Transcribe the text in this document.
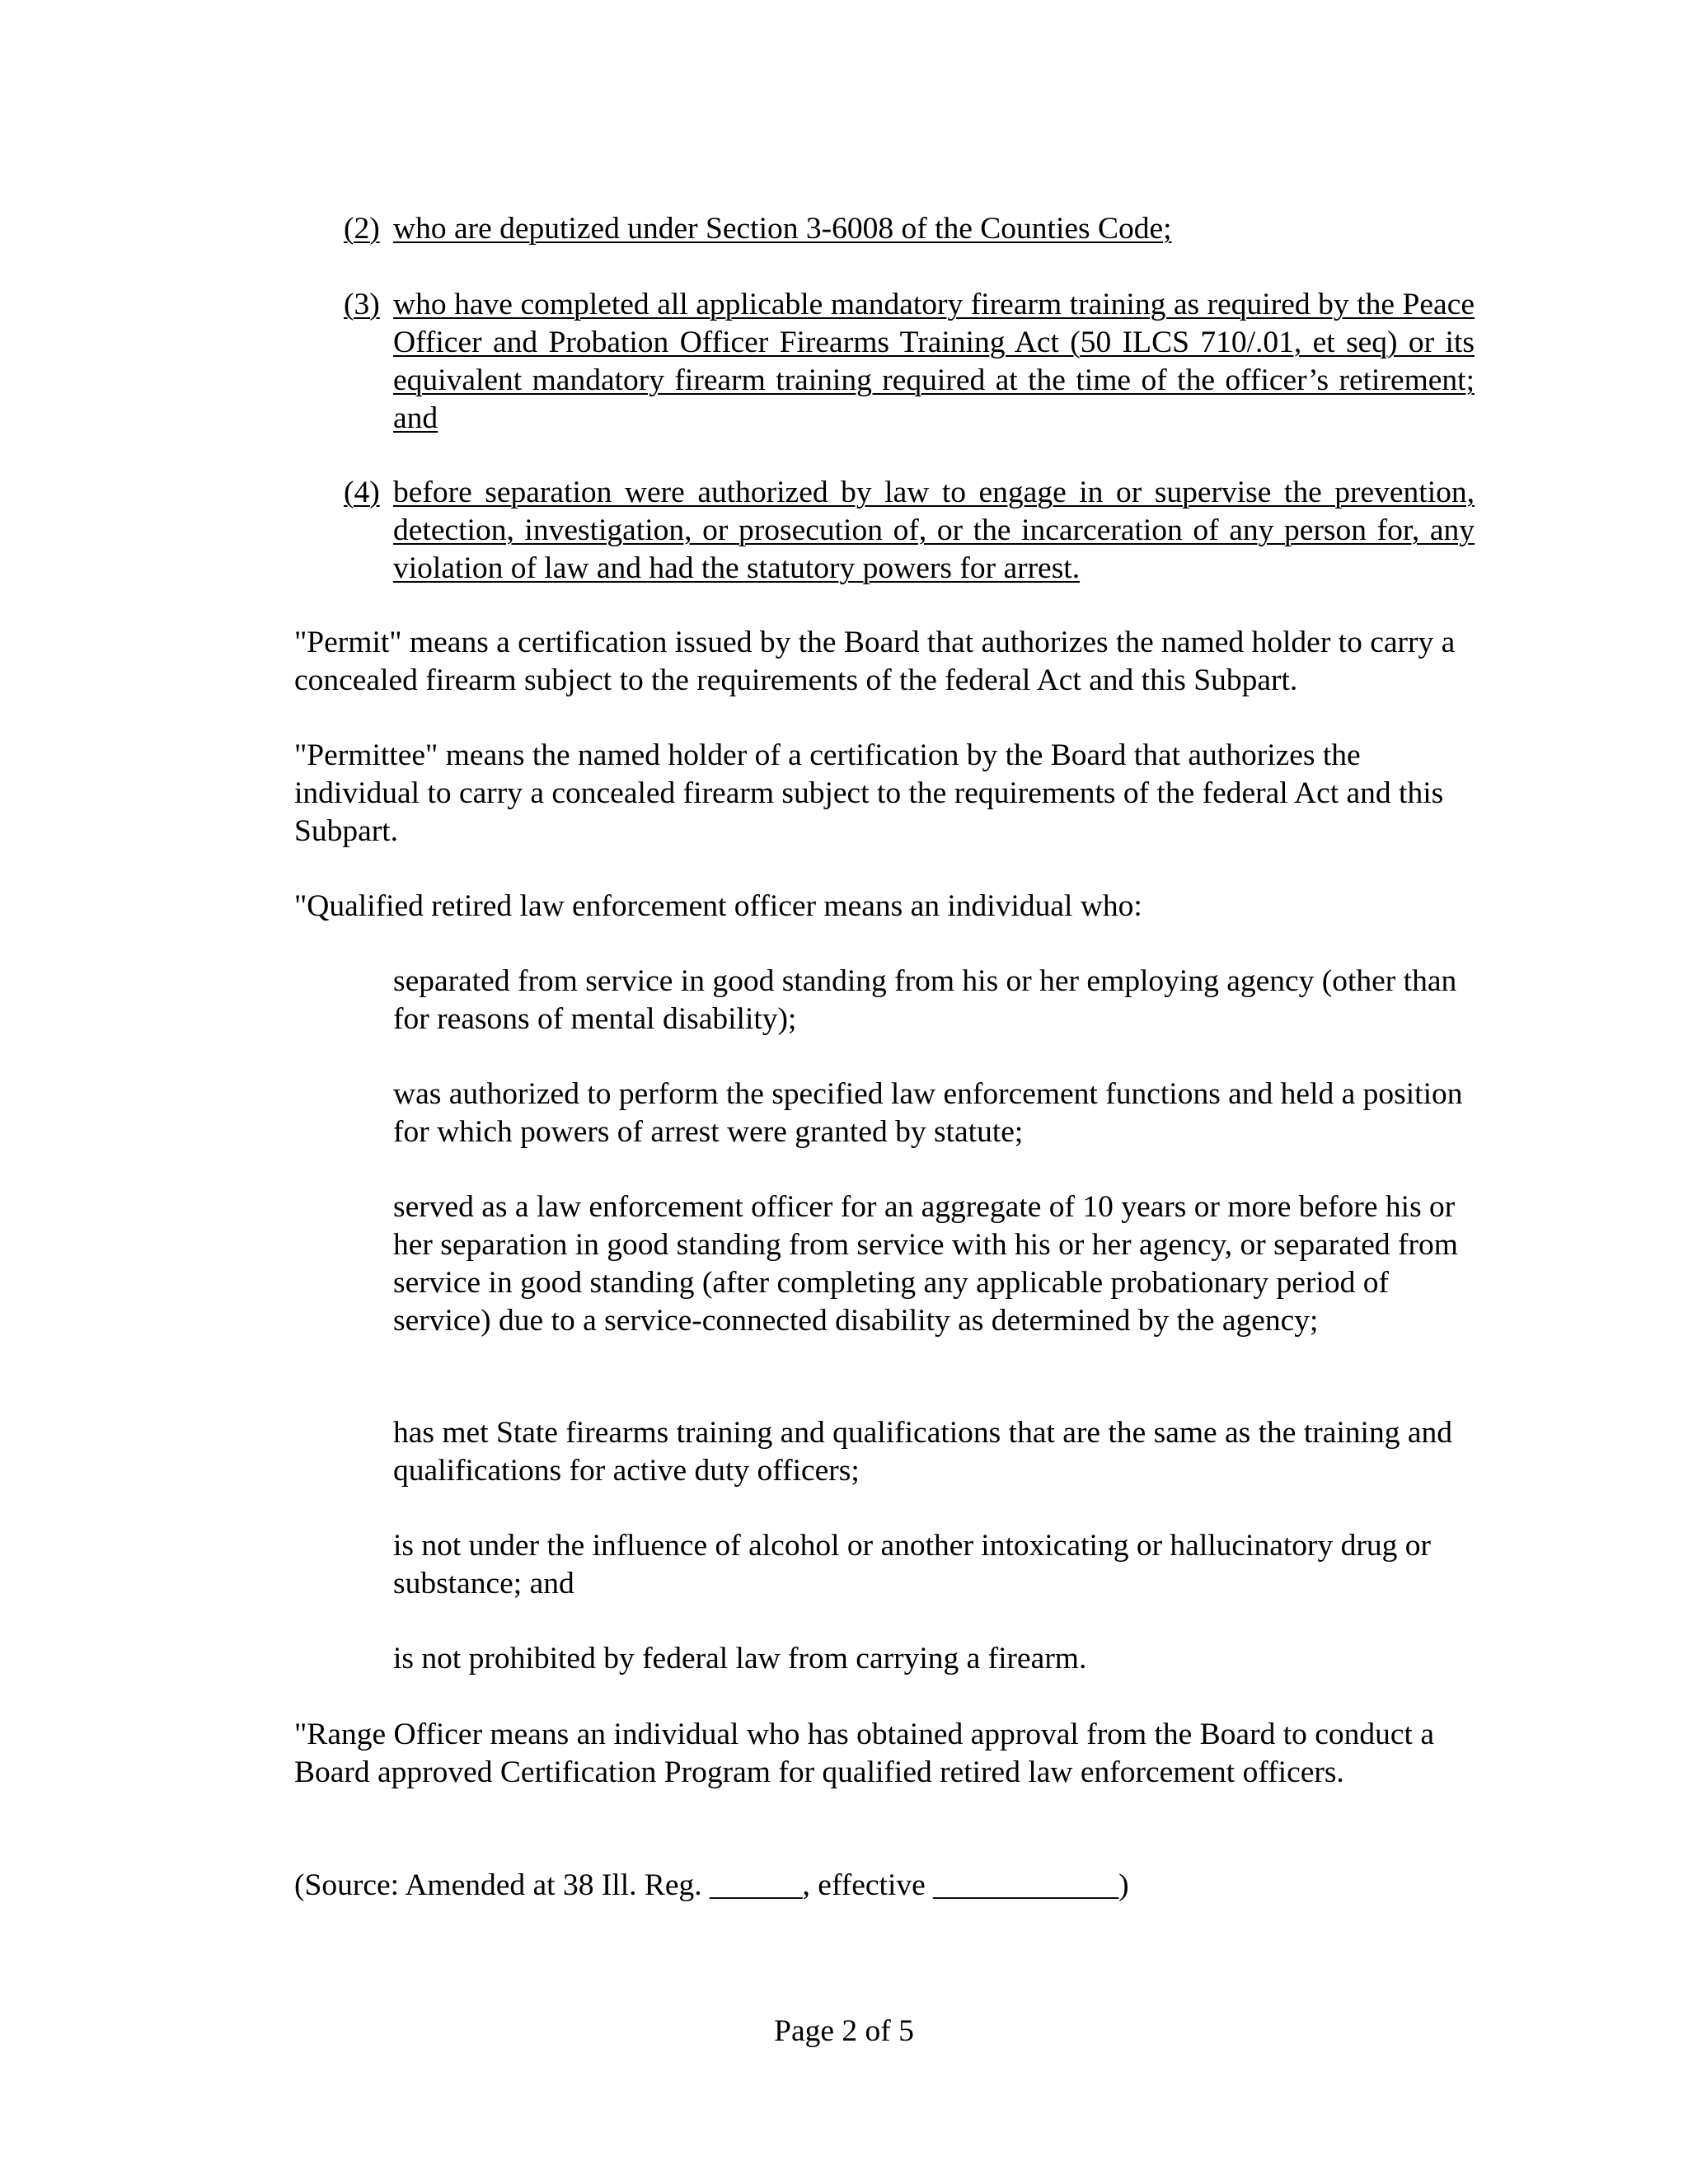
(2) who are deputized under Section 3-6008 of the Counties Code;
(3) who have completed all applicable mandatory firearm training as required by the Peace Officer and Probation Officer Firearms Training Act (50 ILCS 710/.01, et seq) or its equivalent mandatory firearm training required at the time of the officer’s retirement; and
(4) before separation were authorized by law to engage in or supervise the prevention, detection, investigation, or prosecution of, or the incarceration of any person for, any violation of law and had the statutory powers for arrest.
"Permit" means a certification issued by the Board that authorizes the named holder to carry a concealed firearm subject to the requirements of the federal Act and this Subpart.
"Permittee" means the named holder of a certification by the Board that authorizes the individual to carry a concealed firearm subject to the requirements of the federal Act and this Subpart.
"Qualified retired law enforcement officer means an individual who:
separated from service in good standing from his or her employing agency (other than for reasons of mental disability);
was authorized to perform the specified law enforcement functions and held a position for which powers of arrest were granted by statute;
served as a law enforcement officer for an aggregate of 10 years or more before his or her separation in good standing from service with his or her agency, or separated from service in good standing (after completing any applicable probationary period of service) due to a service-connected disability as determined by the agency;
has met State firearms training and qualifications that are the same as the training and qualifications for active duty officers;
is not under the influence of alcohol or another intoxicating or hallucinatory drug or substance; and
is not prohibited by federal law from carrying a firearm.
"Range Officer means an individual who has obtained approval from the Board to conduct a Board approved Certification Program for qualified retired law enforcement officers.
(Source: Amended at 38 Ill. Reg. ______, effective ____________)
Page 2 of 5
